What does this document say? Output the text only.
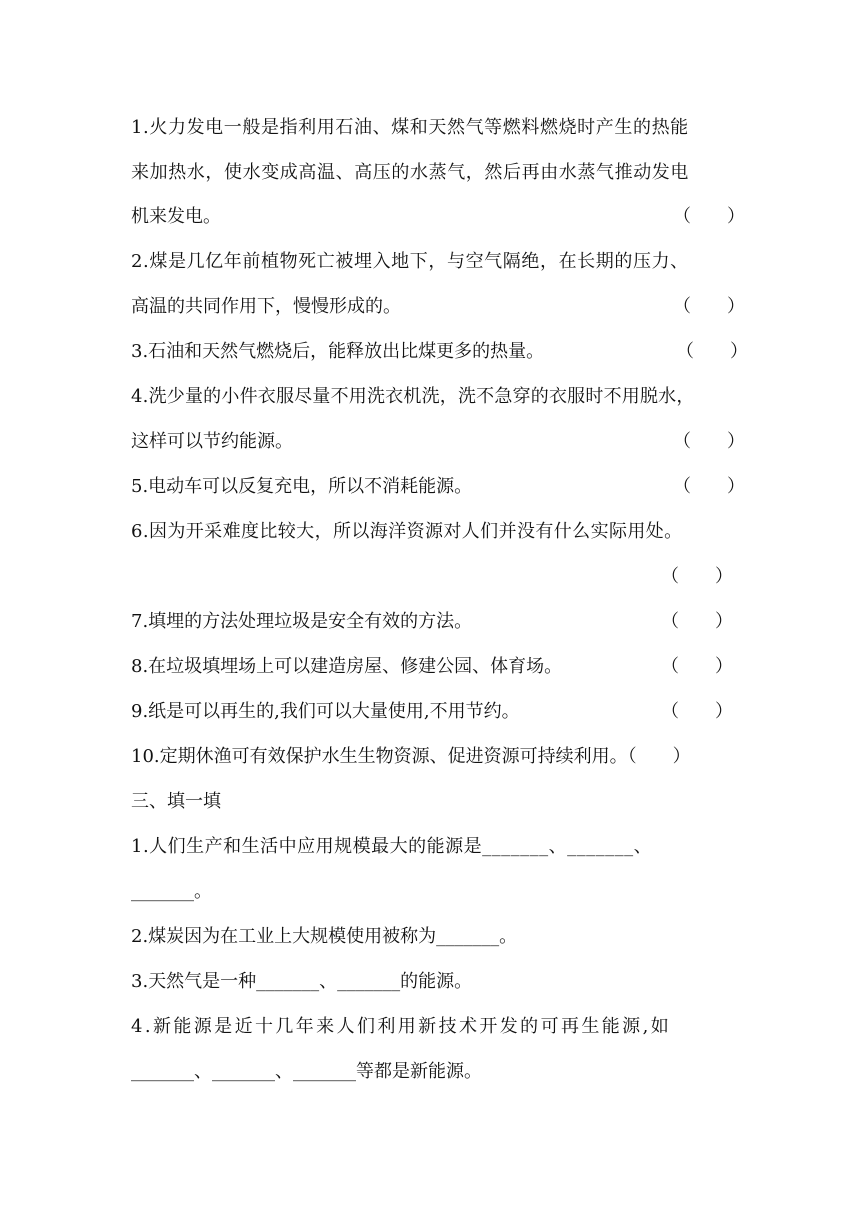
1.火力发电一般是指利用石油、煤和天然气等燃料燃烧时产生的热能
来加热水，使水变成高温、高压的水蒸气，然后再由水蒸气推动发电
机来发电。	（　　）
2.煤是几亿年前植物死亡被埋入地下，与空气隔绝，在长期的压力、
高温的共同作用下，慢慢形成的。	（　　）
3.石油和天然气燃烧后，能释放出比煤更多的热量。	（　　）
4.洗少量的小件衣服尽量不用洗衣机洗，洗不急穿的衣服时不用脱水，
这样可以节约能源。	（　　）
5.电动车可以反复充电，所以不消耗能源。	（　　）
6.因为开采难度比较大，所以海洋资源对人们并没有什么实际用处。
（　　）
7.填埋的方法处理垃圾是安全有效的方法。	（　　）
8.在垃圾填埋场上可以建造房屋、修建公园、体育场。	（　　）
9.纸是可以再生的,我们可以大量使用,不用节约。	（　　）
10.定期休渔可有效保护水生生物资源、促进资源可持续利用。（　　）
三、填一填
1.人们生产和生活中应用规模最大的能源是_______、_______、
_______。
2.煤炭因为在工业上大规模使用被称为_______。
3.天然气是一种_______、_______的能源。
4.新能源是近十几年来人们利用新技术开发的可再生能源,如
_______、_______、_______等都是新能源。
